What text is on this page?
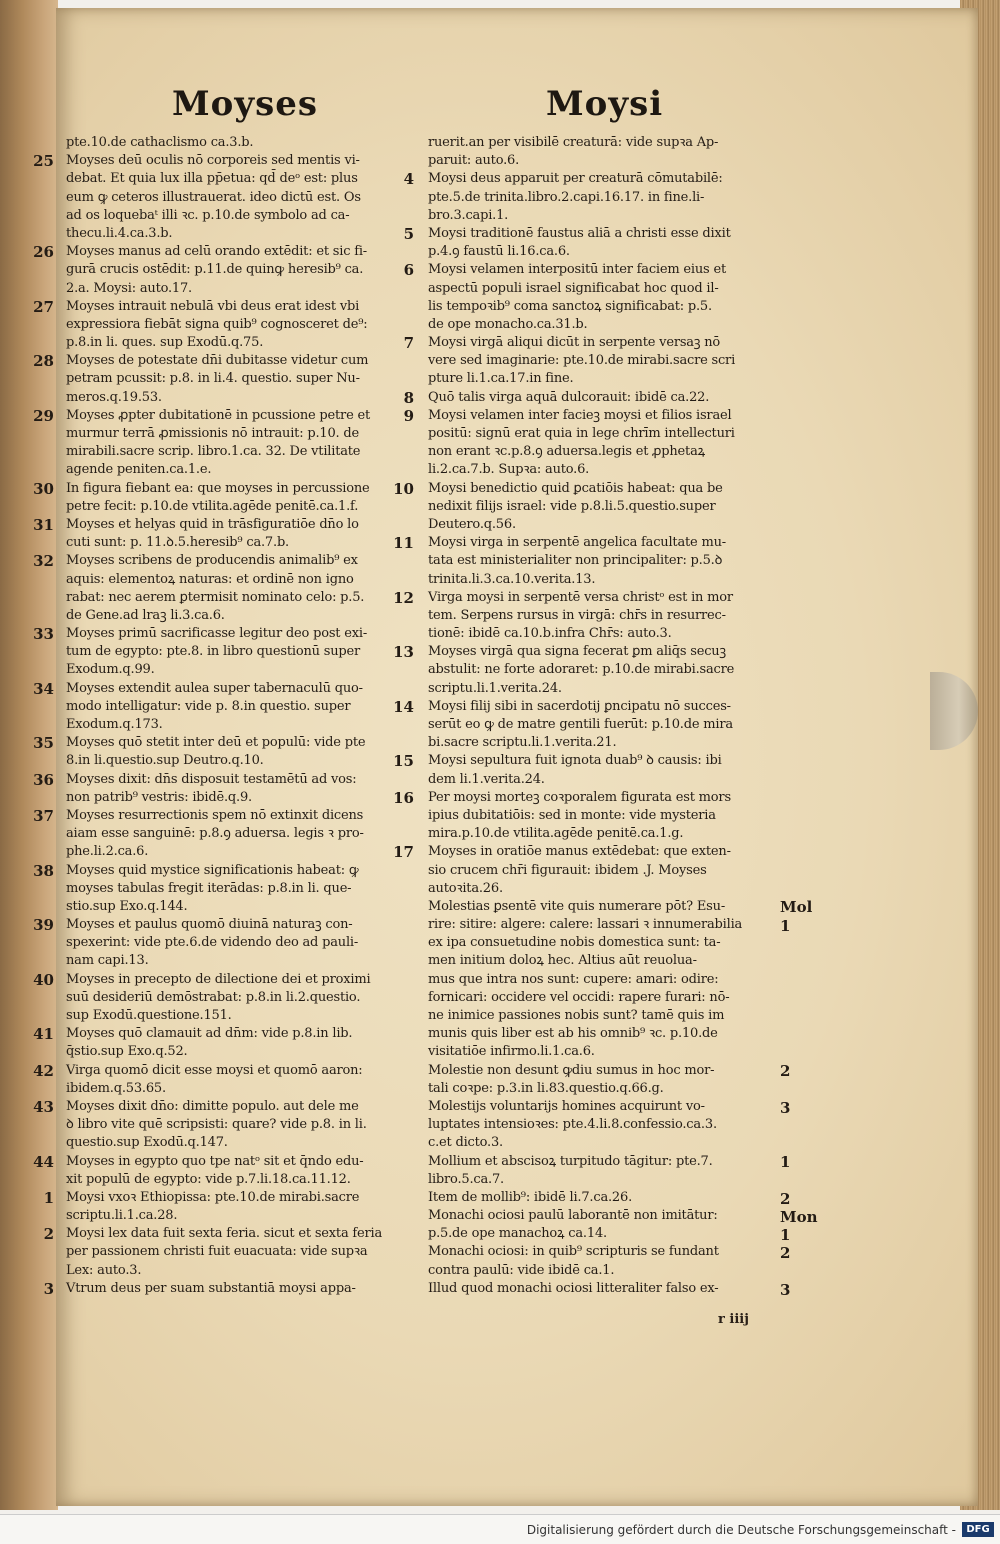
Moyses	Moysi
pte.10.de cathaclismo ca.3.b.
25 Moyses deū oculis nō corporeis sed mentis vi-
debat. Et quia lux illa pp̄etua: qd̄ deᵒ est: plus
eum ꝙ ceteros illustrauerat. ideo dictū est. Os
ad os loquebaᵗ illi ꝛc. p.10.de symbolo ad ca-
thecu.li.4.ca.3.b.
26 Moyses manus ad celū orando extēdit: et sic fi-
gurā crucis ostēdit: p.11.de quinꝙ heresib⁹ ca.
2.a. Moysi: auto.17.
27 Moyses intrauit nebulā vbi deus erat idest vbi
expressiora fiebāt signa quib⁹ cognosceret de⁹:
p.8.in li. ques. sup Exodū.q.75.
28 Moyses de potestate dn̄i dubitasse videtur cum
petram pcussit: p.8. in li.4. questio. super Nu-
meros.q.19.53.
29 Moyses ꝓpter dubitationē in pcussione petre et
murmur terrā ꝓmissionis nō intrauit: p.10. de
mirabili.sacre scrip. libro.1.ca. 32. De vtilitate
agende peniten.ca.1.e.
30 In figura fiebant ea: que moyses in percussione
petre fecit: p.10.de vtilita.agēde penitē.ca.1.f.
31 Moyses et helyas quid in trāsfiguratiōe dn̄o lo
cuti sunt: p. 11.ꝺ.5.heresib⁹ ca.7.b.
32 Moyses scribens de producendis animalib⁹ ex
aquis: elementoꝝ naturas: et ordinē non igno
rabat: nec aerem ꝑtermisit nominato celo: p.5.
de Gene.ad lraꝫ li.3.ca.6.
33 Moyses primū sacrificasse legitur deo post exi-
tum de egypto: pte.8. in libro questionū super
Exodum.q.99.
34 Moyses extendit aulea super tabernaculū quo-
modo intelligatur: vide p. 8.in questio. super
Exodum.q.173.
35 Moyses quō stetit inter deū et populū: vide pte
8.in li.questio.sup Deutro.q.10.
36 Moyses dixit: dn̄s disposuit testamētū ad vos:
non patrib⁹ vestris: ibidē.q.9.
37 Moyses resurrectionis spem nō extinxit dicens
aiam esse sanguinē: p.8.ꝯ aduersa. legis ꝛ pro-
phe.li.2.ca.6.
38 Moyses quid mystice significationis habeat: ꝙ
moyses tabulas fregit iterādas: p.8.in li. que-
stio.sup Exo.q.144.
39 Moyses et paulus quomō diuinā naturaꝫ con-
spexerint: vide pte.6.de videndo deo ad pauli-
nam capi.13.
40 Moyses in precepto de dilectione dei et proximi
suū desideriū demōstrabat: p.8.in li.2.questio.
sup Exodū.questione.151.
41 Moyses quō clamauit ad dn̄m: vide p.8.in lib.
q̄stio.sup Exo.q.52.
42 Virga quomō dicit esse moysi et quomō aaron:
ibidem.q.53.65.
43 Moyses dixit dn̄o: dimitte populo. aut dele me
ꝺ libro vite quē scripsisti: quare? vide p.8. in li.
questio.sup Exodū.q.147.
44 Moyses in egypto quo tpe natᵒ sit et q̄ndo edu-
xit populū de egypto: vide p.7.li.18.ca.11.12.
1 Moysi vxoꝛ Ethiopissa: pte.10.de mirabi.sacre
scriptu.li.1.ca.28.
2 Moysi lex data fuit sexta feria. sicut et sexta feria
per passionem christi fuit euacuata: vide supꝛa
Lex: auto.3.
3 Vtrum deus per suam substantiā moysi appa-
ruerit.an per visibilē creaturā: vide supꝛa Ap-
paruit: auto.6.
4 Moysi deus apparuit per creaturā cōmutabilē:
pte.5.de trinita.libro.2.capi.16.17. in fine.li-
bro.3.capi.1.
5 Moysi traditionē faustus aliā a christi esse dixit
p.4.ꝯ faustū li.16.ca.6.
6 Moysi velamen interpositū inter faciem eius et
aspectū populi israel significabat hoc quod il-
lis tempoꝛib⁹ coma sanctoꝝ significabat: p.5.
de ope monacho.ca.31.b.
7 Moysi virgā aliqui dicūt in serpente versaꝫ nō
vere sed imaginarie: pte.10.de mirabi.sacre scri
pture li.1.ca.17.in fine.
8 Quō talis virga aquā dulcorauit: ibidē ca.22.
9 Moysi velamen inter facieꝫ moysi et filios israel
positū: signū erat quia in lege chrīm intellecturi
non erant ꝛc.p.8.ꝯ aduersa.legis et ꝓphetaꝝ
li.2.ca.7.b. Supꝛa: auto.6.
10 Moysi benedictio quid ꝑcatiōis habeat: qua be
nedixit filijs israel: vide p.8.li.5.questio.super
Deutero.q.56.
11 Moysi virga in serpentē angelica facultate mu-
tata est ministerialiter non principaliter: p.5.ꝺ
trinita.li.3.ca.10.verita.13.
12 Virga moysi in serpentē versa christᵒ est in mor
tem. Serpens rursus in virgā: chr̄s in resurrec-
tionē: ibidē ca.10.b.infra Chr̄s: auto.3.
13 Moyses virgā qua signa fecerat ꝑm aliq̄s secuꝫ
abstulit: ne forte adoraret: p.10.de mirabi.sacre
scriptu.li.1.verita.24.
14 Moysi filij sibi in sacerdotij ꝑncipatu nō succes-
serūt eo ꝙ de matre gentili fuerūt: p.10.de mira
bi.sacre scriptu.li.1.verita.21.
15 Moysi sepultura fuit ignota duab⁹ ꝺ causis: ibi
dem li.1.verita.24.
16 Per moysi morteꝫ coꝛporalem figurata est mors
ipius dubitatiōis: sed in monte: vide mysteria
mira.p.10.de vtilita.agēde penitē.ca.1.g.
17 Moyses in oratiōe manus extēdebat: que exten-
sio crucem chr̄i figurauit: ibidem .J. Moyses
autoꝛita.26.
Molestias ꝑsentē vite quis numerare pōt? Esu-
rire: sitire: algere: calere: lassari ꝛ innumerabilia
ex ipa consuetudine nobis domestica sunt: ta-
men initium doloꝝ hec. Altius aūt reuolua-
mus que intra nos sunt: cupere: amari: odire:
fornicari: occidere vel occidi: rapere furari: nō-
ne inimice passiones nobis sunt? tamē quis im
munis quis liber est ab his omnib⁹ ꝛc. p.10.de
visitatiōe infirmo.li.1.ca.6.
Molestie non desunt ꝙdiu sumus in hoc mor-
tali coꝛpe: p.3.in li.83.questio.q.66.g.
Molestijs voluntarijs homines acquirunt vo-
luptates intensioꝛes: pte.4.li.8.confessio.ca.3.
c.et dicto.3.
Mollium et abscisoꝝ turpitudo tāgitur: pte.7.
libro.5.ca.7.
Item de mollib⁹: ibidē li.7.ca.26.
Monachi ociosi paulū laborantē non imitātur:
p.5.de ope manachoꝝ ca.14.
Monachi ociosi: in quib⁹ scripturis se fundant
contra paulū: vide ibidē ca.1.
Illud quod monachi ociosi litteraliter falso ex-
Mol
1
2
3
1
2
Mon
1
2
3
r iiij
Digitalisierung gefördert durch die Deutsche Forschungsgemeinschaft -	DFG
